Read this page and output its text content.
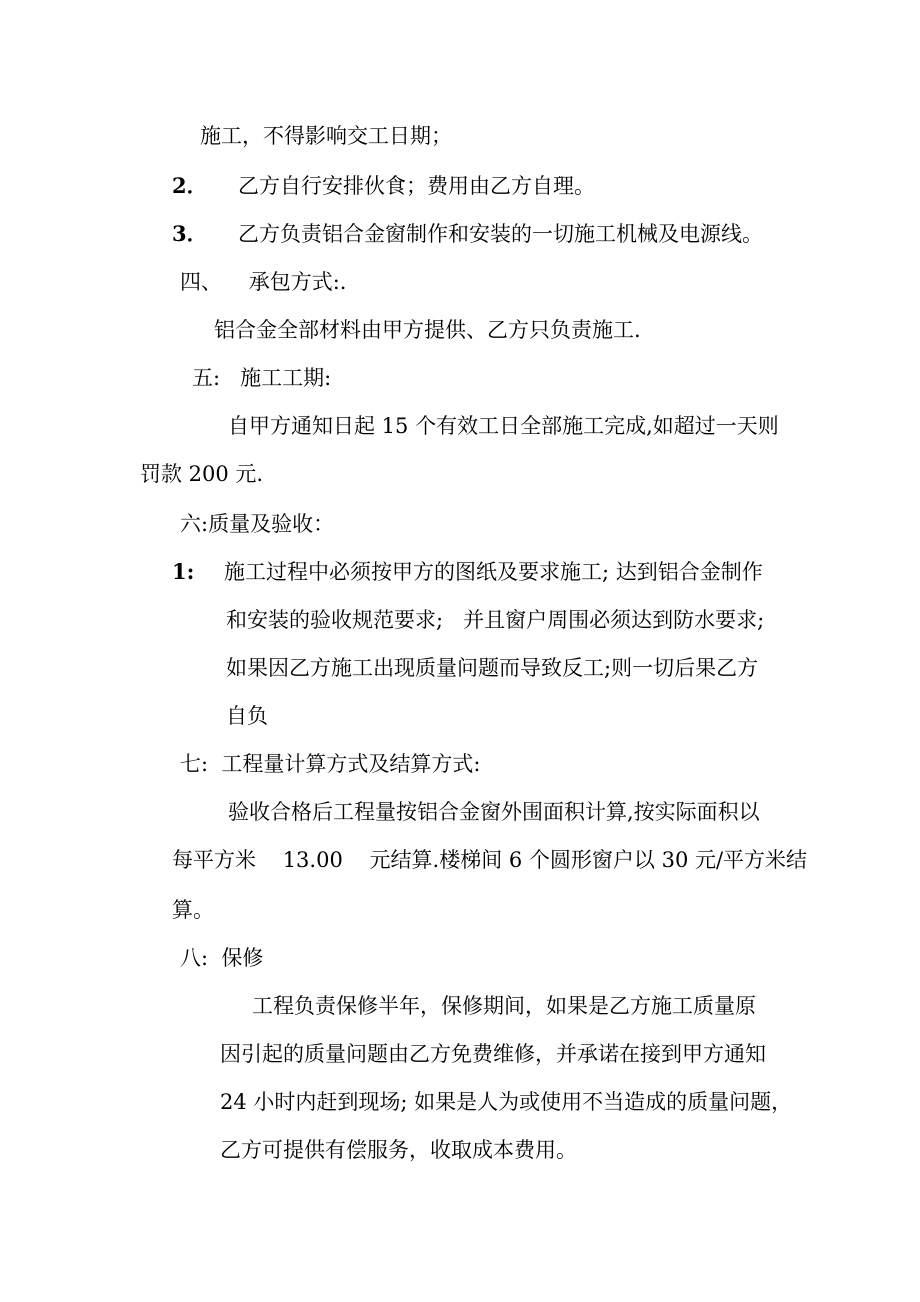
施工，不得影响交工日期；
2． 乙方自行安排伙食；费用由乙方自理。
3． 乙方负责铝合金窗制作和安装的一切施工机械及电源线。
四、    承包方式:.
铝合金全部材料由甲方提供、乙方只负责施工.
五:   施工工期:
自甲方通知日起 15 个有效工日全部施工完成,如超过一天则
罚款 200 元.
六:质量及验收：
1: 施工过程中必须按甲方的图纸及要求施工; 达到铝合金制作
和安装的验收规范要求;   并且窗户周围必须达到防水要求;
如果因乙方施工出现质量问题而导致反工;则一切后果乙方
自负
七:  工程量计算方式及结算方式:
验收合格后工程量按铝合金窗外围面积计算,按实际面积以
每平方米    13.00    元结算.楼梯间 6 个圆形窗户以 30 元/平方米结
算。
八:  保修
工程负责保修半年，保修期间，如果是乙方施工质量原
因引起的质量问题由乙方免费维修，并承诺在接到甲方通知
24 小时内赶到现场; 如果是人为或使用不当造成的质量问题，
乙方可提供有偿服务，收取成本费用。
